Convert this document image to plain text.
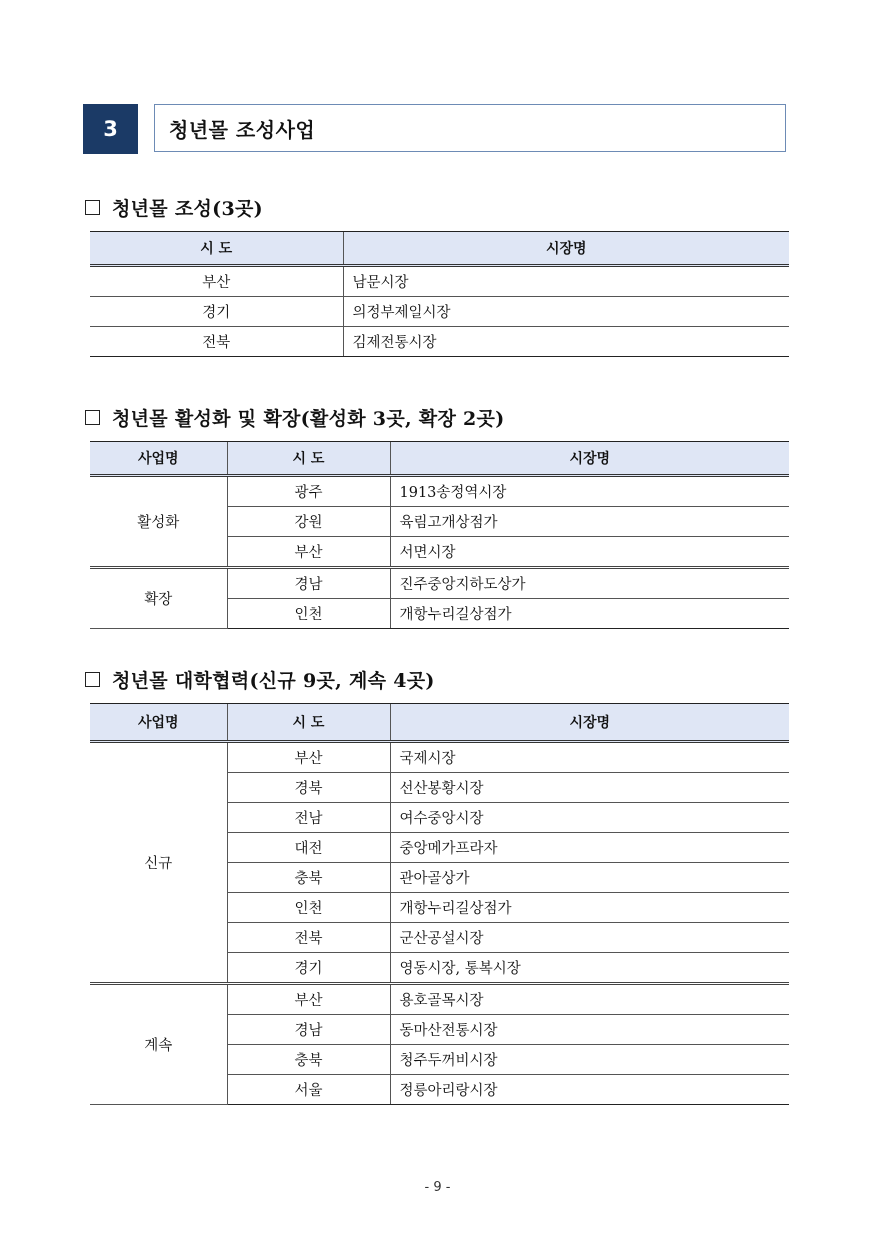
3	청년몰 조성사업
청년몰 조성(3곳)
시 도	시장명
부산	남문시장
경기	의정부제일시장
전북	김제전통시장
청년몰 활성화 및 확장(활성화 3곳, 확장 2곳)
사업명	시 도	시장명
활성화	광주	1913송정역시장
	강원	육림고개상점가
	부산	서면시장
확장	경남	진주중앙지하도상가
	인천	개항누리길상점가
청년몰 대학협력(신규 9곳, 계속 4곳)
사업명	시 도	시장명
신규	부산	국제시장
	경북	선산봉황시장
	전남	여수중앙시장
	대전	중앙메가프라자
	충북	관아골상가
	인천	개항누리길상점가
	전북	군산공설시장
	경기	영동시장, 통복시장
계속	부산	용호골목시장
	경남	동마산전통시장
	충북	청주두꺼비시장
	서울	정릉아리랑시장
- 9 -
